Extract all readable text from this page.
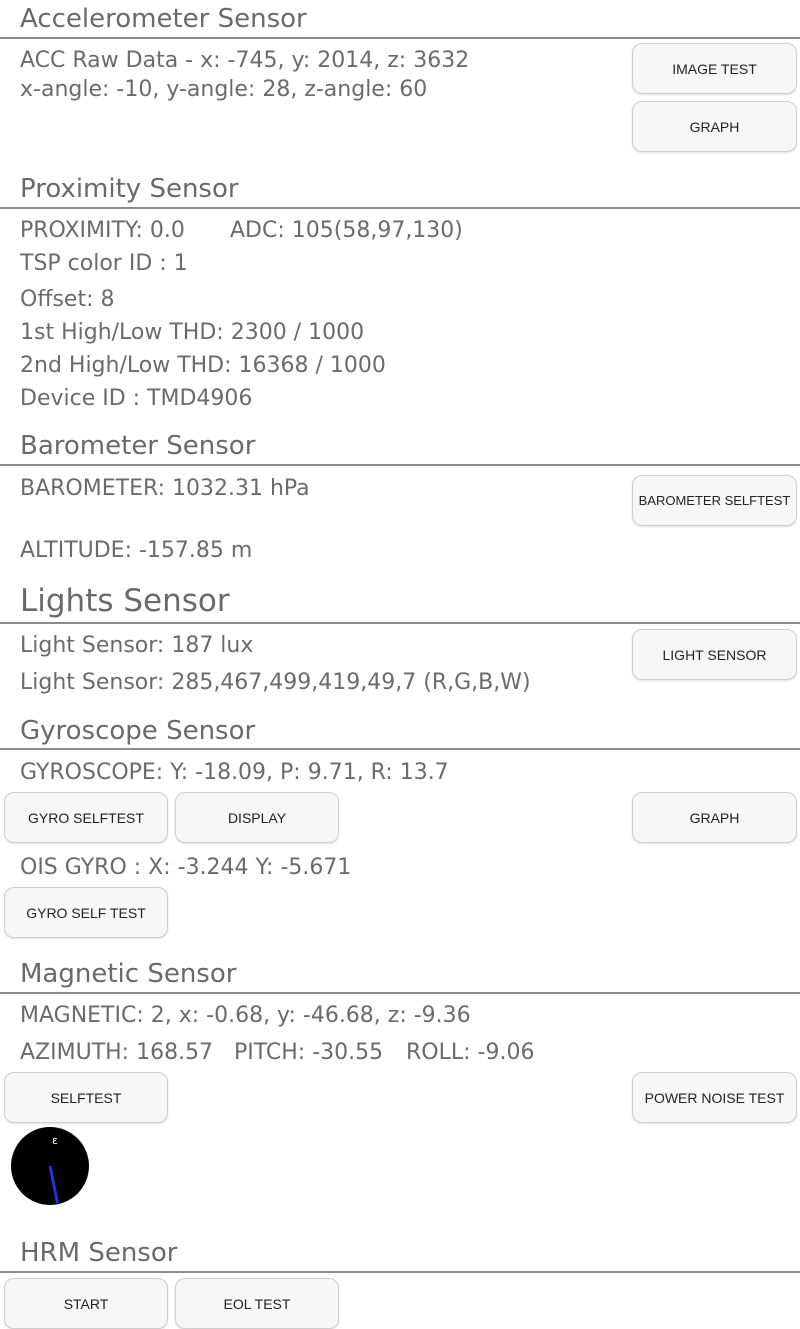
Accelerometer Sensor
ACC Raw Data - x: -745, y: 2014, z: 3632
x-angle: -10, y-angle: 28, z-angle: 60
IMAGE TEST
GRAPH
Proximity Sensor
PROXIMITY: 0.0 ADC: 105(58,97,130)
TSP color ID : 1
Offset: 8
1st High/Low THD: 2300 / 1000
2nd High/Low THD: 16368 / 1000
Device ID : TMD4906
Barometer Sensor
BAROMETER: 1032.31 hPa
ALTITUDE: -157.85 m
BAROMETER SELFTEST
Lights Sensor
Light Sensor: 187 lux
Light Sensor: 285,467,499,419,49,7 (R,G,B,W)
LIGHT SENSOR
Gyroscope Sensor
GYROSCOPE: Y: -18.09, P: 9.71, R: 13.7
GYRO SELFTEST	DISPLAY	GRAPH
OIS GYRO : X: -3.244 Y: -5.671
GYRO SELF TEST
Magnetic Sensor
MAGNETIC: 2, x: -0.68, y: -46.68, z: -9.36
AZIMUTH: 168.57 PITCH: -30.55 ROLL: -9.06
SELFTEST	POWER NOISE TEST
ε
HRM Sensor
START	EOL TEST
